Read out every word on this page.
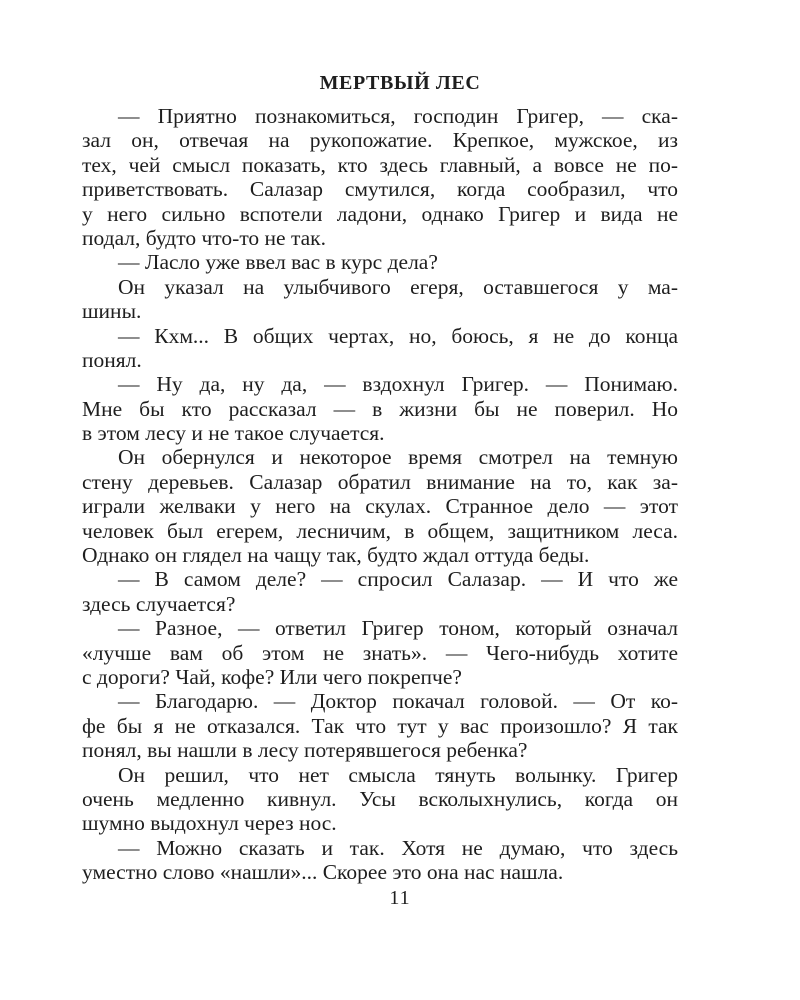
МЕРТВЫЙ ЛЕС

— Приятно познакомиться, господин Григер, — ска-
зал он, отвечая на рукопожатие. Крепкое, мужское, из
тех, чей смысл показать, кто здесь главный, а вовсе не по-
приветствовать. Салазар смутился, когда сообразил, что
у него сильно вспотели ладони, однако Григер и вида не
подал, будто что-то не так.

— Ласло уже ввел вас в курс дела?

Он указал на улыбчивого егеря, оставшегося у ма-
шины.

— Кхм... В общих чертах, но, боюсь, я не до конца
понял.

— Ну да, ну да, — вздохнул Григер. — Понимаю.
Мне бы кто рассказал — в жизни бы не поверил. Но
в этом лесу и не такое случается.

Он обернулся и некоторое время смотрел на темную
стену деревьев. Салазар обратил внимание на то, как за-
играли желваки у него на скулах. Странное дело — этот
человек был егерем, лесничим, в общем, защитником леса.
Однако он глядел на чащу так, будто ждал оттуда беды.

— В самом деле? — спросил Салазар. — И что же
здесь случается?

— Разное, — ответил Григер тоном, который означал
«лучше вам об этом не знать». — Чего-нибудь хотите
с дороги? Чай, кофе? Или чего покрепче?

— Благодарю. — Доктор покачал головой. — От ко-
фе бы я не отказался. Так что тут у вас произошло? Я так
понял, вы нашли в лесу потерявшегося ребенка?

Он решил, что нет смысла тянуть волынку. Григер
очень медленно кивнул. Усы всколыхнулись, когда он
шумно выдохнул через нос.

— Можно сказать и так. Хотя не думаю, что здесь
уместно слово «нашли»... Скорее это она нас нашла.

11
